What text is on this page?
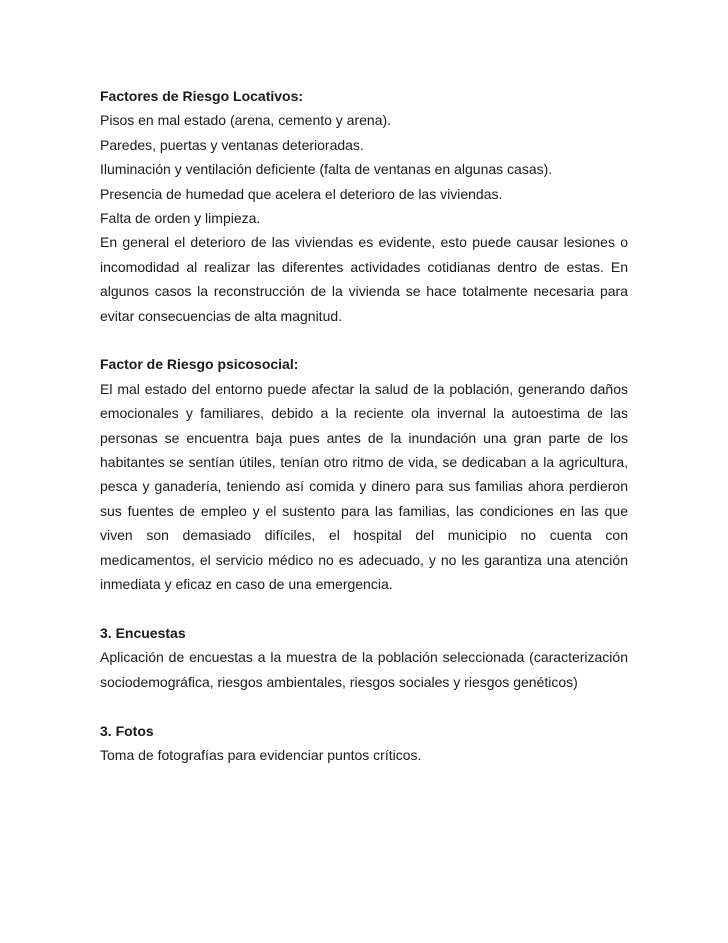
Factores de Riesgo Locativos:

Pisos en mal estado (arena, cemento y arena).

Paredes, puertas y ventanas deterioradas.

Iluminación y ventilación deficiente (falta de ventanas en algunas casas).

Presencia de humedad que acelera el deterioro de las viviendas.

Falta de orden y limpieza.

En general el deterioro de las viviendas es evidente, esto puede causar lesiones o incomodidad al realizar las diferentes actividades cotidianas dentro de estas. En algunos casos la reconstrucción de la vivienda se hace totalmente necesaria para evitar consecuencias de alta magnitud.

Factor de Riesgo psicosocial:

El mal estado del entorno puede afectar la salud de la población, generando daños emocionales y familiares, debido a la reciente ola invernal la autoestima de las personas se encuentra baja pues antes de la inundación una gran parte de los habitantes se sentían útiles, tenían otro ritmo de vida, se dedicaban a la agricultura, pesca y ganadería, teniendo así comida y dinero para sus familias ahora perdieron sus fuentes de empleo y el sustento para las familias, las condiciones en las que viven son demasiado difíciles, el hospital del municipio no cuenta con medicamentos, el servicio médico no es adecuado, y no les garantiza una atención inmediata y eficaz en caso de una emergencia.

3. Encuestas

Aplicación de encuestas a la muestra de la población seleccionada (caracterización sociodemográfica, riesgos ambientales, riesgos sociales y riesgos genéticos)

3. Fotos

Toma de fotografías para evidenciar puntos críticos.
